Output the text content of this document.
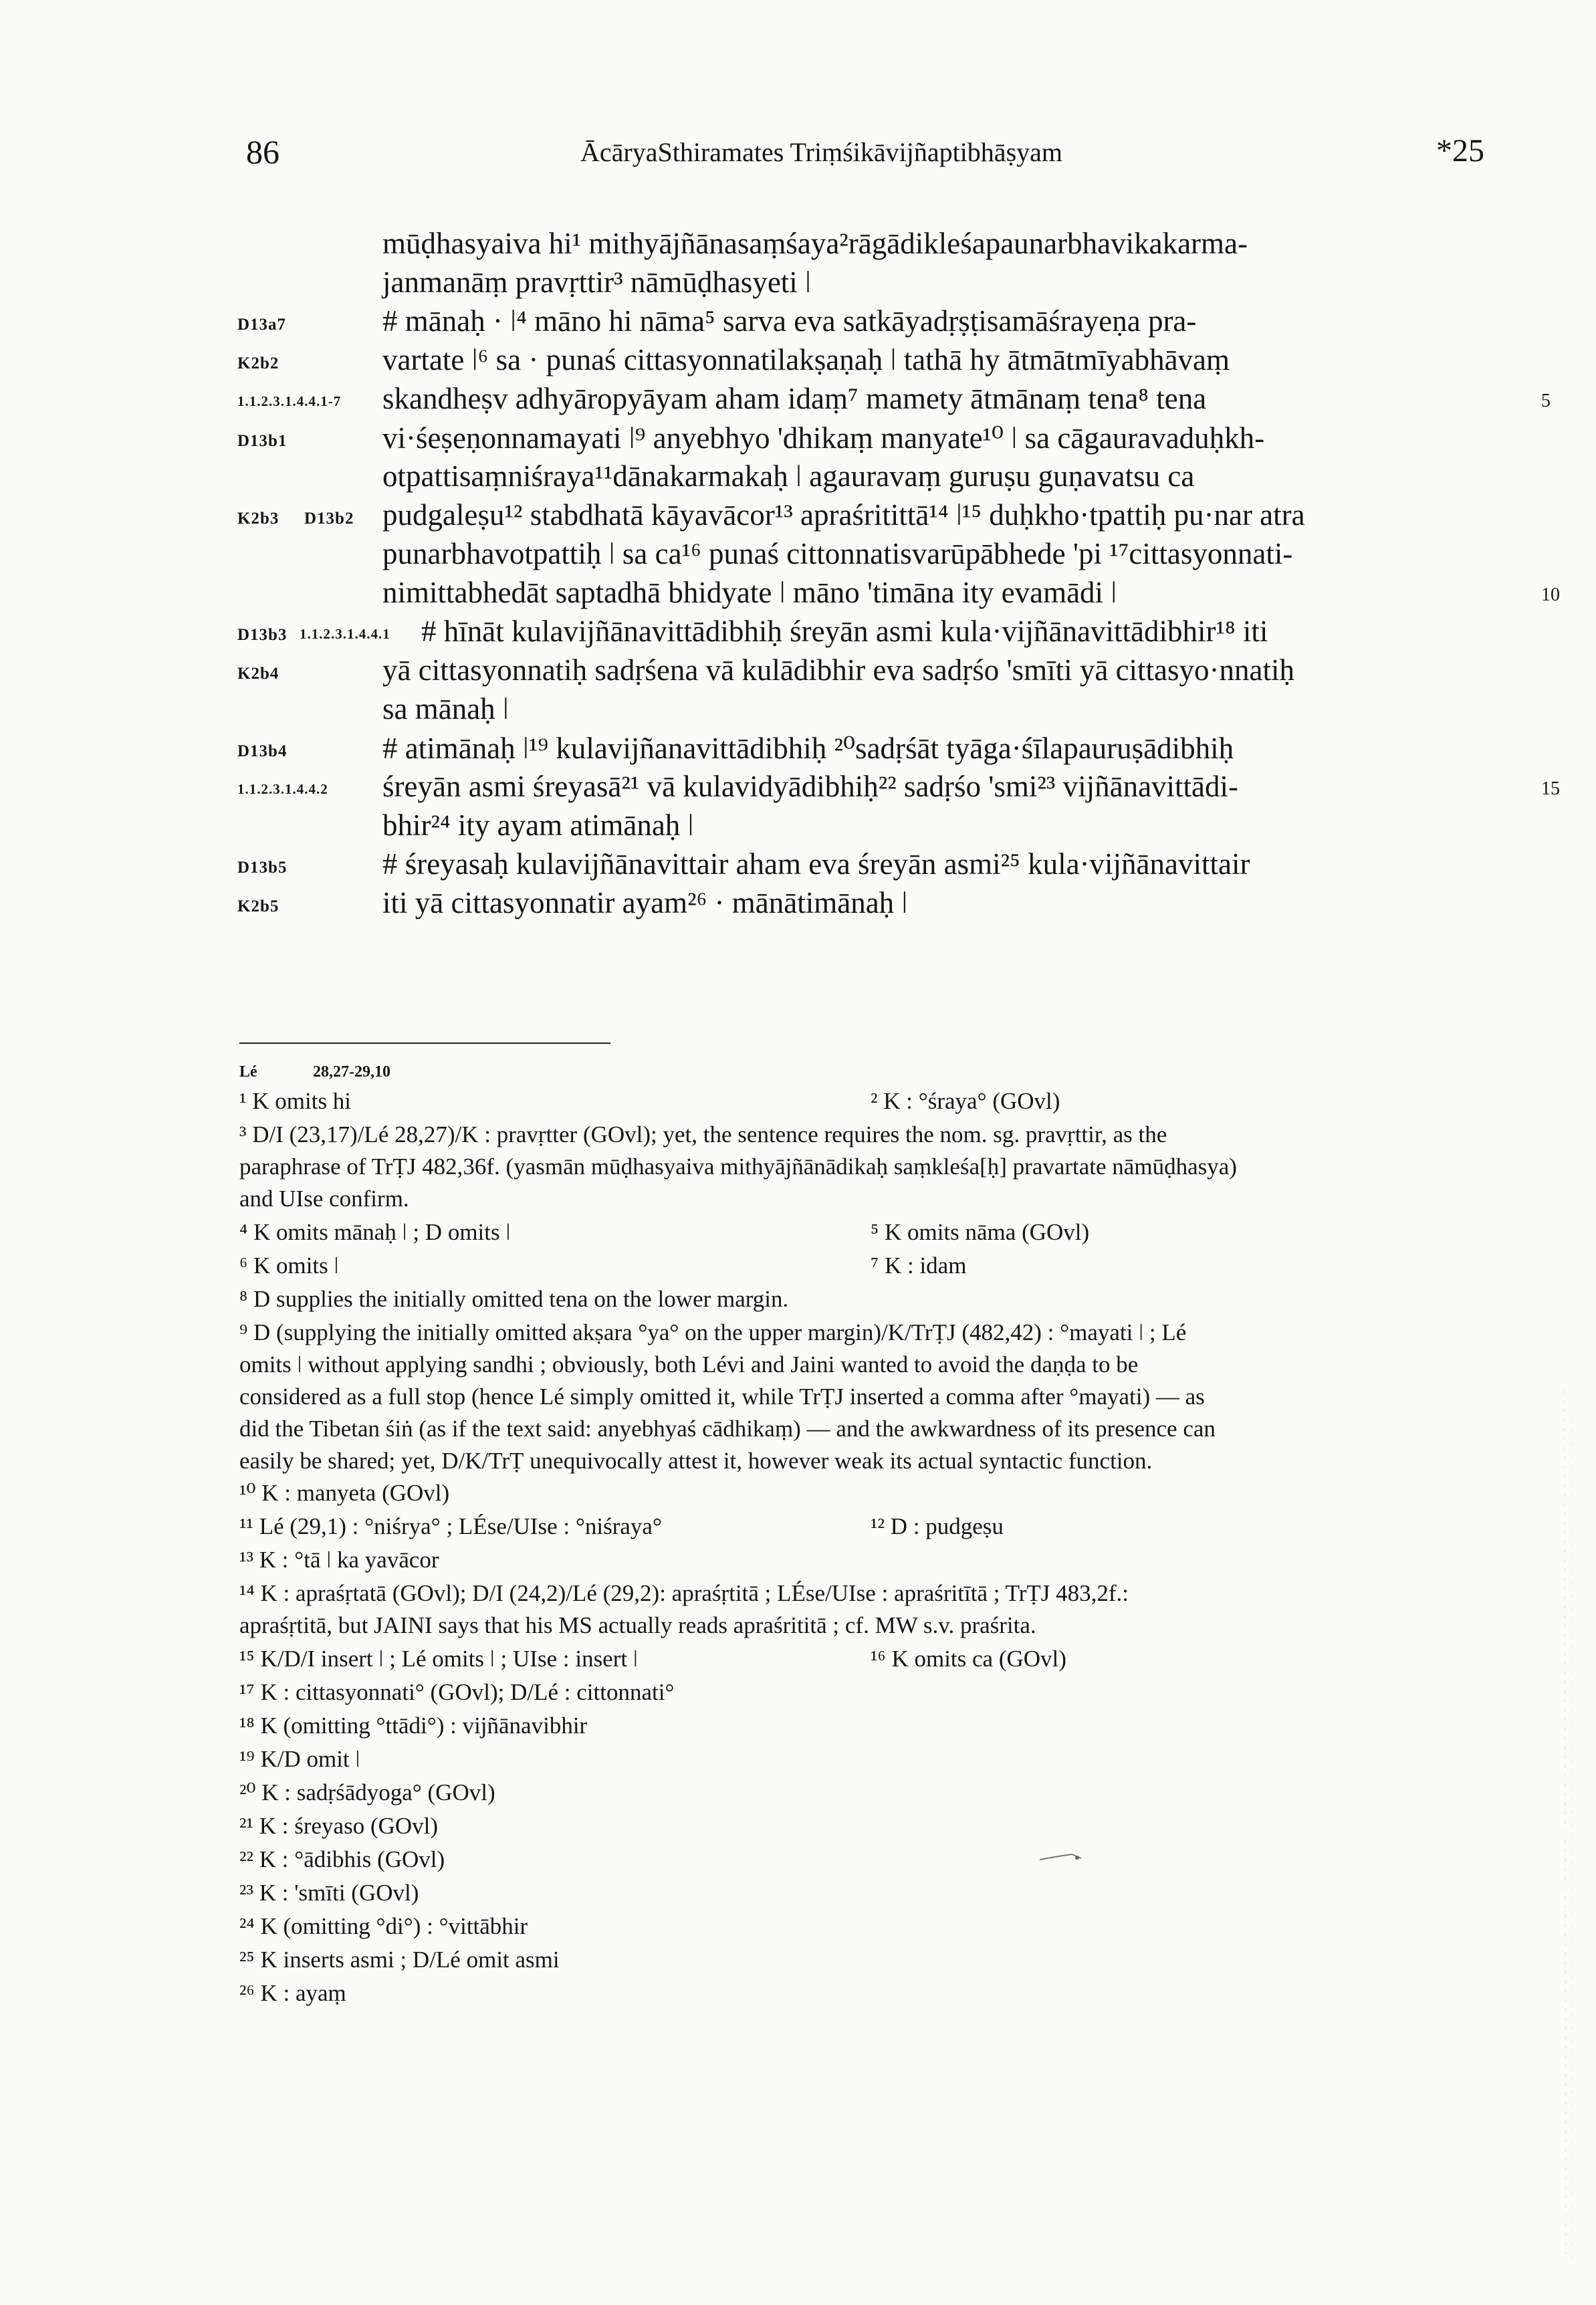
86	ĀcāryaSthiramates Triṃśikāvijñaptibhāṣyam	*25
mūḍhasyaiva hi¹ mithyājñānasaṃśaya²rāgādikleśapaunarbhavikakarma-
janmanāṃ pravṛttir³ nāmūḍhasyeti ǀ
D13a7	# mānaḥ · ǀ⁴ māno hi nāma⁵ sarva eva satkāyadṛṣṭisamāśrayeṇa pra-
K2b2	vartate ǀ⁶ sa · punaś cittasyonnatilakṣaṇaḥ ǀ tathā hy ātmātmīyabhāvaṃ
1.1.2.3.1.4.4.1-7 skandheṣv adhyāropyāyam aham idaṃ⁷ mamety ātmānaṃ tena⁸ tena	5
D13b1	vi·śeṣeṇonnamayati ǀ⁹ anyebhyo 'dhikaṃ manyate¹⁰ ǀ sa cāgauravaduḥkh-
otpattisaṃniśraya¹¹dānakarmakaḥ ǀ agauravaṃ guruṣu guṇavatsu ca
K2b3 D13b2 pudgaleṣu¹² stabdhatā kāyavācor¹³ apraśritittā¹⁴ ǀ¹⁵ duḥkho·tpattiḥ pu·nar atra
punarbhavotpattiḥ ǀ sa ca¹⁶ punaś cittonnatisvarūpābhede 'pi ¹⁷cittasyonnati-
nimittabhedāt saptadhā bhidyate ǀ māno 'timāna ity evamādi ǀ	10
D13b3 1.1.2.3.1.4.4.1 # hīnāt kulavijñānavittādibhiḥ śreyān asmi kula·vijñānavittādibhir¹⁸ iti
K2b4	yā cittasyonnatiḥ sadṛśena vā kulādibhir eva sadṛśo 'smīti yā cittasyo·nnatiḥ
sa mānaḥ ǀ
D13b4	# atimānaḥ ǀ¹⁹ kulavijñanavittādibhiḥ ²⁰sadṛśāt tyāga·śīlapauruṣādibhiḥ
1.1.2.3.1.4.4.2 śreyān asmi śreyasā²¹ vā kulavidyādibhiḥ²² sadṛśo 'smi²³ vijñānavittādi-	15
bhir²⁴ ity ayam atimānaḥ ǀ
D13b5	# śreyasaḥ kulavijñānavittair aham eva śreyān asmi²⁵ kula·vijñānavittair
K2b5	iti yā cittasyonnatir ayam²⁶ · mānātimānaḥ ǀ
Lé	28,27-29,10
¹ K omits hi	² K : °śraya° (GOvl)
³ D/I (23,17)/Lé 28,27)/K : pravṛtter (GOvl); yet, the sentence requires the nom. sg. pravṛttir, as the
paraphrase of TrṬJ 482,36f. (yasmān mūḍhasyaiva mithyājñānādikaḥ saṃkleśa[ḥ] pravartate nāmūḍhasya)
and UIse confirm.
⁴ K omits mānaḥ ǀ ; D omits ǀ	⁵ K omits nāma (GOvl)
⁶ K omits ǀ	⁷ K : idam
⁸ D supplies the initially omitted tena on the lower margin.
⁹ D (supplying the initially omitted akṣara °ya° on the upper margin)/K/TrṬJ (482,42) : °mayati ǀ ; Lé
omits ǀ without applying sandhi ; obviously, both Lévi and Jaini wanted to avoid the daṇḍa to be
considered as a full stop (hence Lé simply omitted it, while TrṬJ inserted a comma after °mayati) — as
did the Tibetan śiṅ (as if the text said: anyebhyaś cādhikaṃ) — and the awkwardness of its presence can
easily be shared; yet, D/K/TrṬ unequivocally attest it, however weak its actual syntactic function.
¹⁰ K : manyeta (GOvl)
¹¹ Lé (29,1) : °niśrya° ; LÉse/UIse : °niśraya°	¹² D : pudgeṣu
¹³ K : °tā ǀ ka yavācor
¹⁴ K : apraśṛtatā (GOvl); D/I (24,2)/Lé (29,2): apraśṛtitā ; LÉse/UIse : apraśritītā ; TrṬJ 483,2f.:
apraśṛtitā, but JAINI says that his MS actually reads apraśrititā ; cf. MW s.v. praśrita.
¹⁵ K/D/I insert ǀ ; Lé omits ǀ ; UIse : insert ǀ	¹⁶ K omits ca (GOvl)
¹⁷ K : cittasyonnati° (GOvl); D/Lé : cittonnati°
¹⁸ K (omitting °ttādi°) : vijñānavibhir
¹⁹ K/D omit ǀ
²⁰ K : sadṛśādyoga° (GOvl)
²¹ K : śreyaso (GOvl)
²² K : °ādibhis (GOvl)
²³ K : 'smīti (GOvl)
²⁴ K (omitting °di°) : °vittābhir
²⁵ K inserts asmi ; D/Lé omit asmi
²⁶ K : ayaṃ
